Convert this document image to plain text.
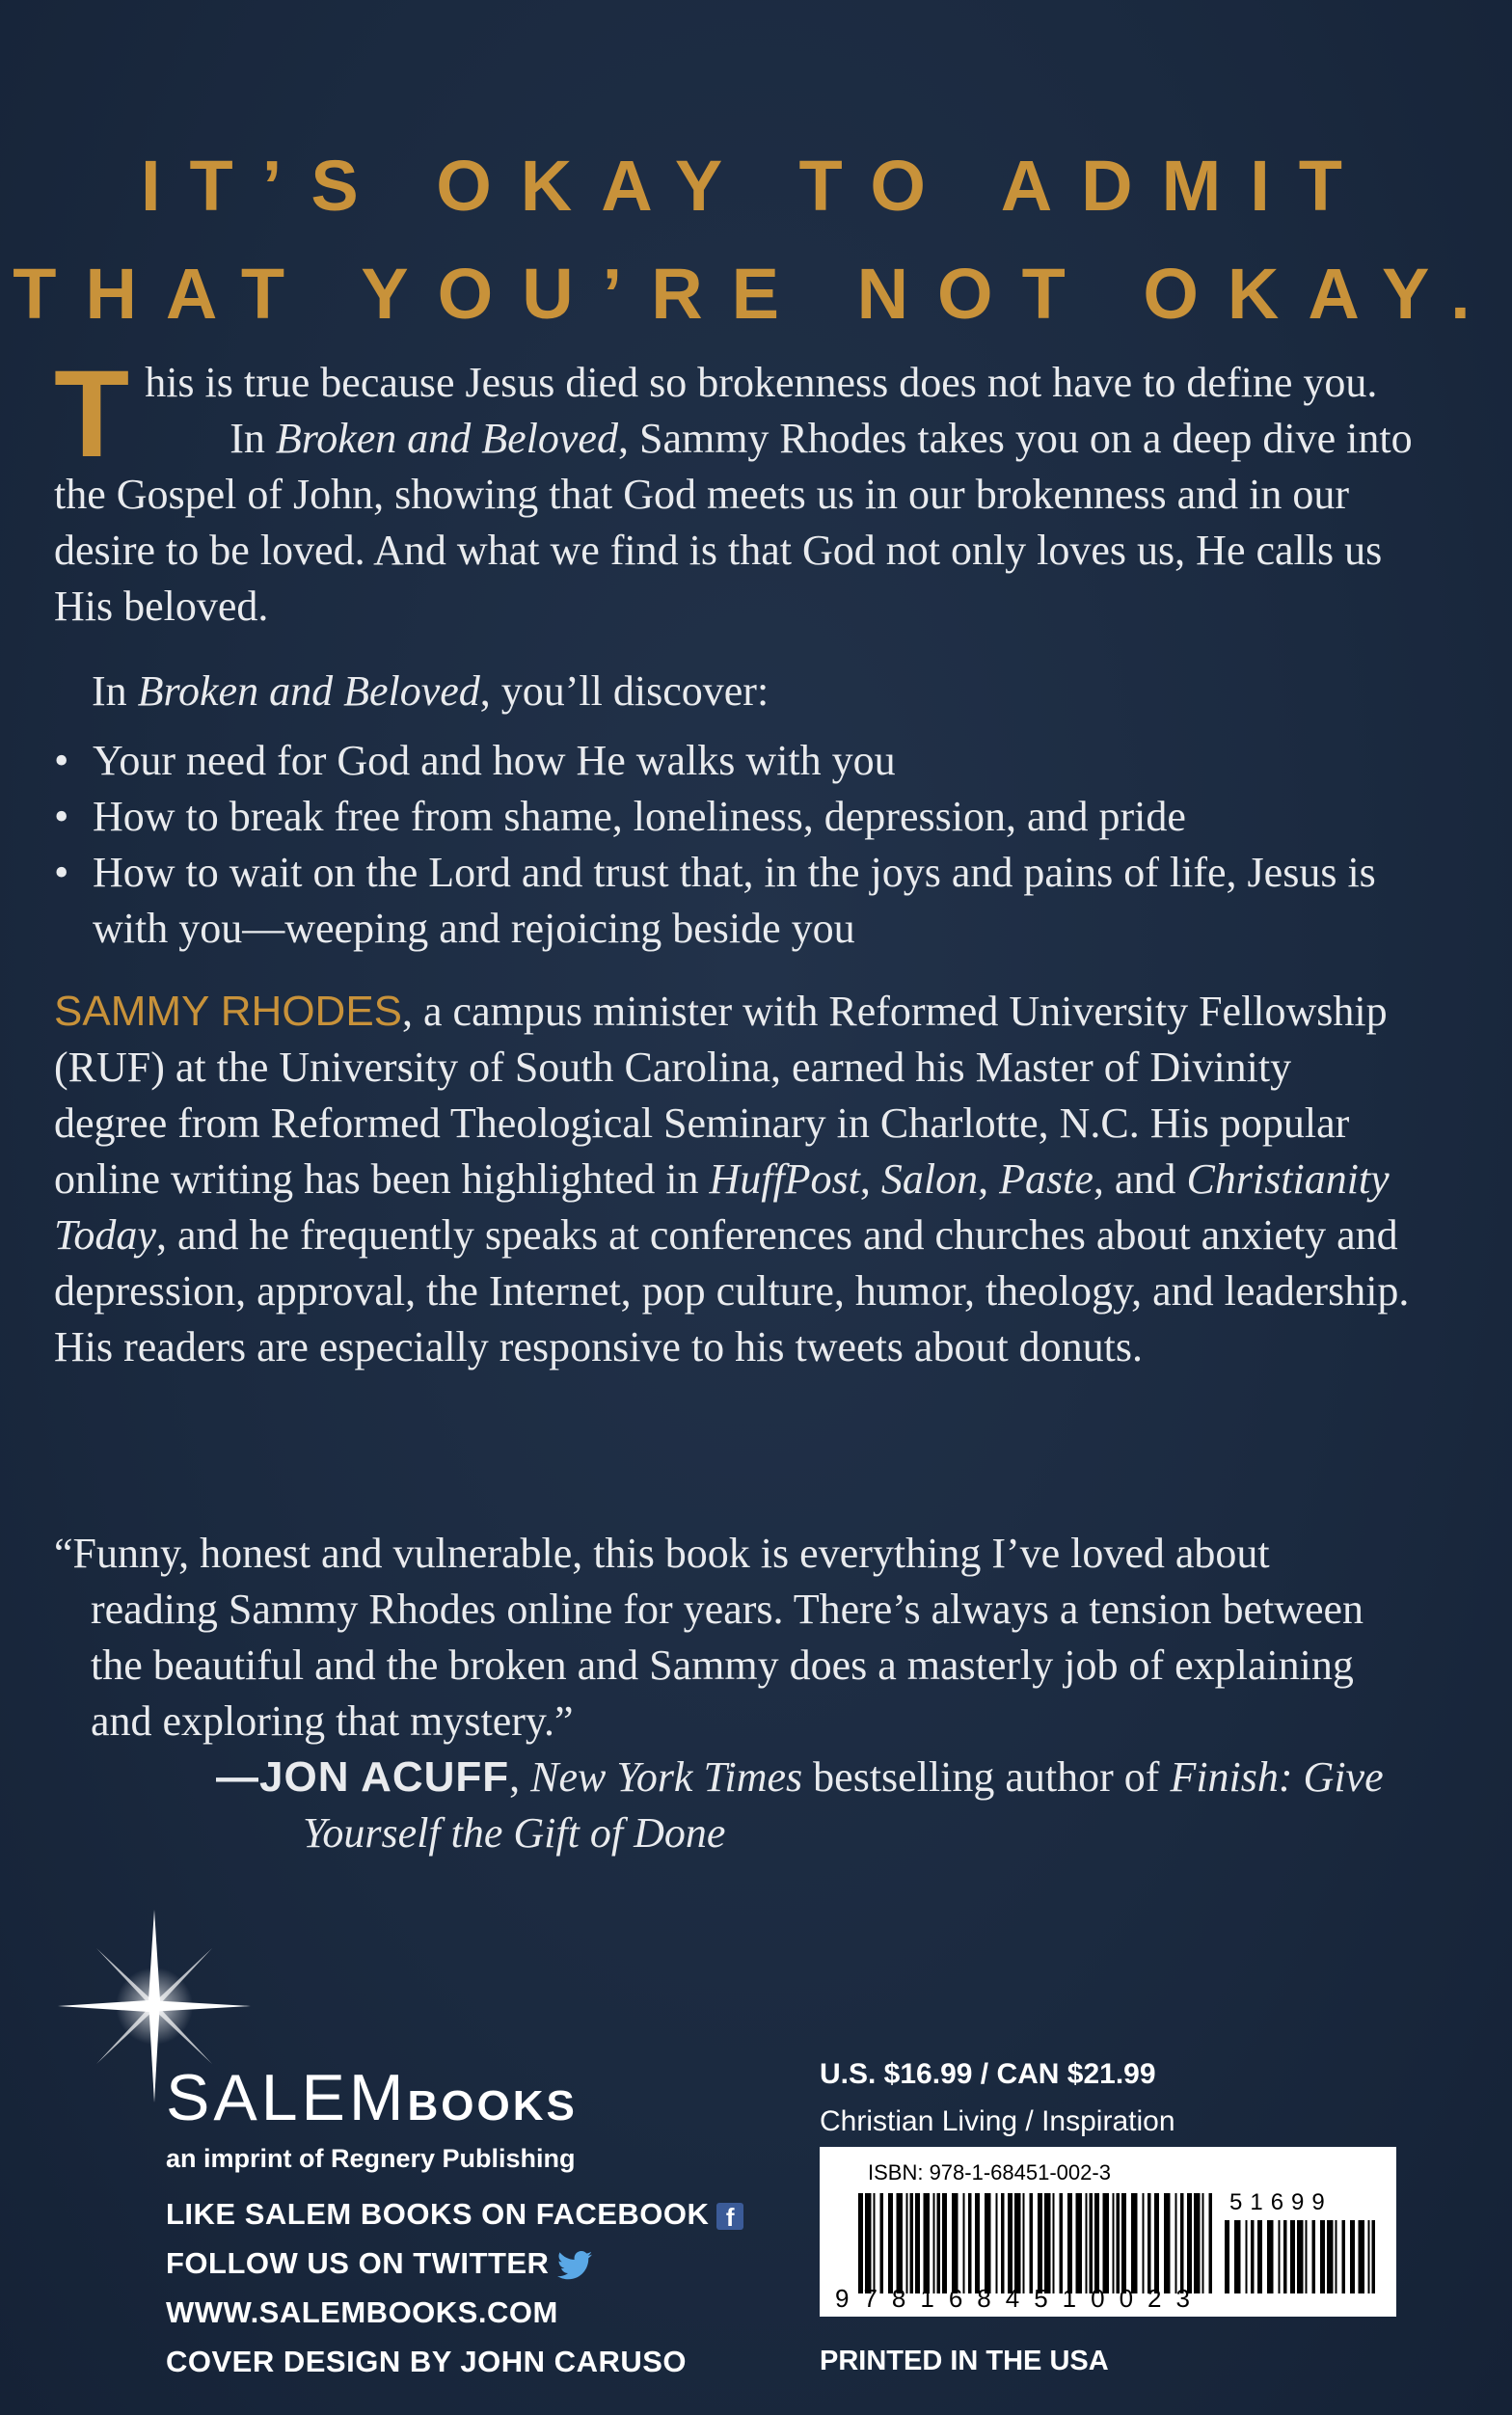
IT’S OKAY TO ADMIT
THAT YOU’RE NOT OKAY.
T his is true because Jesus died so brokenness does not have to define you.

In Broken and Beloved, Sammy Rhodes takes you on a deep dive into the Gospel of John, showing that God meets us in our brokenness and in our desire to be loved. And what we find is that God not only loves us, He calls us His beloved.

In Broken and Beloved, you’ll discover:
• Your need for God and how He walks with you
• How to break free from shame, loneliness, depression, and pride
• How to wait on the Lord and trust that, in the joys and pains of life, Jesus is with you—weeping and rejoicing beside you

SAMMY RHODES, a campus minister with Reformed University Fellowship (RUF) at the University of South Carolina, earned his Master of Divinity degree from Reformed Theological Seminary in Charlotte, N.C. His popular online writing has been highlighted in HuffPost, Salon, Paste, and Christianity Today, and he frequently speaks at conferences and churches about anxiety and depression, approval, the Internet, pop culture, humor, theology, and leadership. His readers are especially responsive to his tweets about donuts.

“Funny, honest and vulnerable, this book is everything I’ve loved about reading Sammy Rhodes online for years. There’s always a tension between the beautiful and the broken and Sammy does a masterly job of explaining and exploring that mystery.”

—JON ACUFF, New York Times bestselling author of Finish: Give Yourself the Gift of Done

SALEMBOOKS
an imprint of Regnery Publishing
LIKE SALEM BOOKS ON FACEBOOK f
FOLLOW US ON TWITTER
WWW.SALEMBOOKS.COM
COVER DESIGN BY JOHN CARUSO
U.S. $16.99 / CAN $21.99
Christian Living / Inspiration
ISBN: 978-1-68451-002-3
51699
9781684510023
PRINTED IN THE USA
